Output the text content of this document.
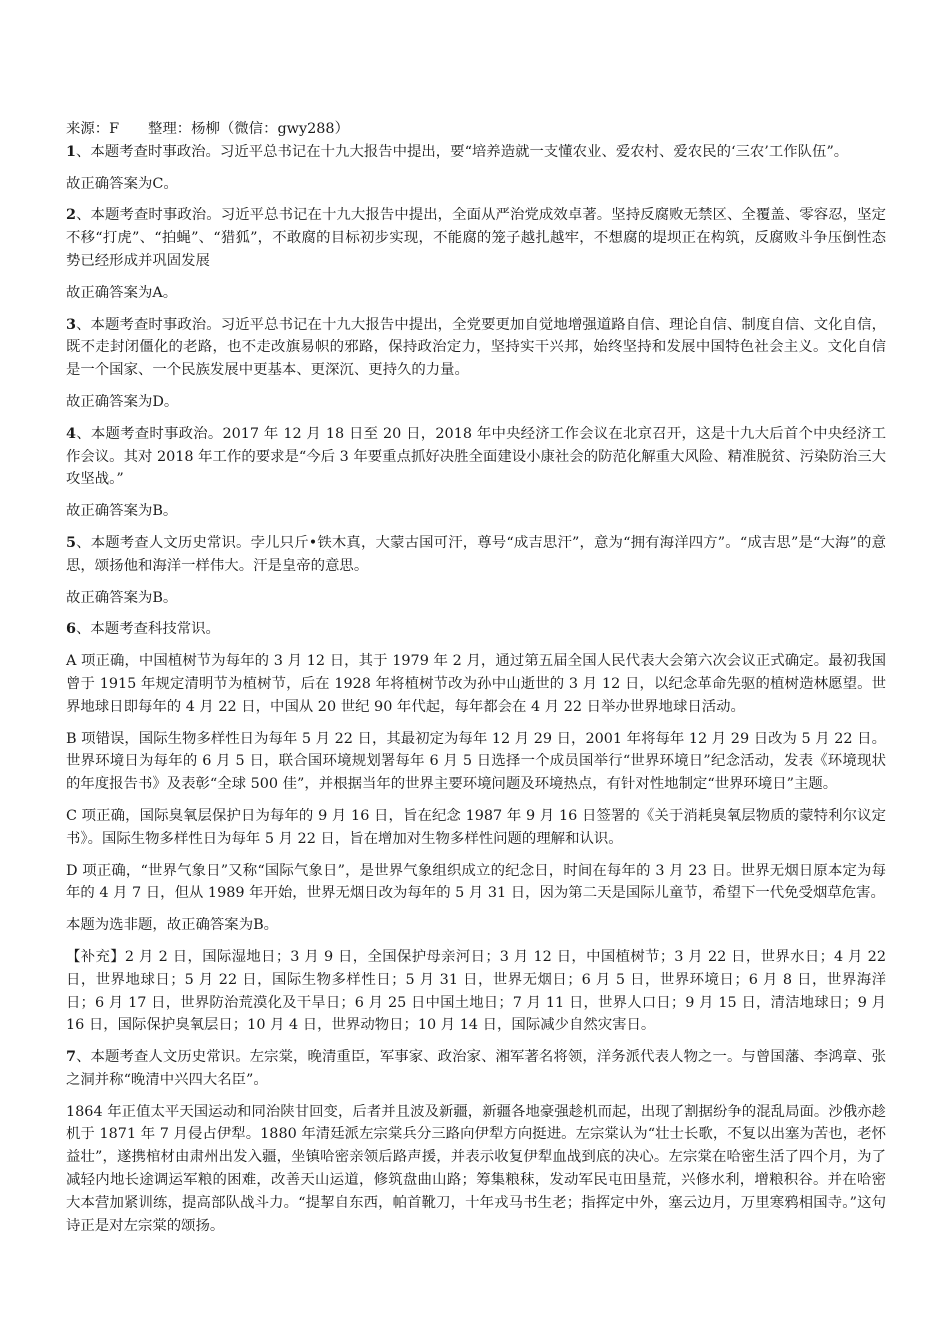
来源：F　　整理：杨柳（微信：gwy288）

1、本题考查时事政治。习近平总书记在十九大报告中提出，要“培养造就一支懂农业、爱农村、爱农民的‘三农’工作队伍”。

故正确答案为C。

2、本题考查时事政治。习近平总书记在十九大报告中提出，全面从严治党成效卓著。坚持反腐败无禁区、全覆盖、零容忍，坚定不移“打虎”、“拍蝇”、“猎狐”，不敢腐的目标初步实现，不能腐的笼子越扎越牢，不想腐的堤坝正在构筑，反腐败斗争压倒性态势已经形成并巩固发展

故正确答案为A。

3、本题考查时事政治。习近平总书记在十九大报告中提出，全党要更加自觉地增强道路自信、理论自信、制度自信、文化自信，既不走封闭僵化的老路，也不走改旗易帜的邪路，保持政治定力，坚持实干兴邦，始终坚持和发展中国特色社会主义。文化自信是一个国家、一个民族发展中更基本、更深沉、更持久的力量。

故正确答案为D。

4、本题考查时事政治。2017 年 12 月 18 日至 20 日，2018 年中央经济工作会议在北京召开，这是十九大后首个中央经济工作会议。其对 2018 年工作的要求是“今后 3 年要重点抓好决胜全面建设小康社会的防范化解重大风险、精准脱贫、污染防治三大攻坚战。”

故正确答案为B。

5、本题考查人文历史常识。孛儿只斤•铁木真，大蒙古国可汗，尊号“成吉思汗”，意为“拥有海洋四方”。“成吉思”是“大海”的意思，颂扬他和海洋一样伟大。汗是皇帝的意思。

故正确答案为B。

6、本题考查科技常识。

A 项正确，中国植树节为每年的 3 月 12 日，其于 1979 年 2 月，通过第五届全国人民代表大会第六次会议正式确定。最初我国曾于 1915 年规定清明节为植树节，后在 1928 年将植树节改为孙中山逝世的 3 月 12 日，以纪念革命先驱的植树造林愿望。世界地球日即每年的 4 月 22 日，中国从 20 世纪 90 年代起，每年都会在 4 月 22 日举办世界地球日活动。

B 项错误，国际生物多样性日为每年 5 月 22 日，其最初定为每年 12 月 29 日，2001 年将每年 12 月 29 日改为 5 月 22 日。世界环境日为每年的 6 月 5 日，联合国环境规划署每年 6 月 5 日选择一个成员国举行“世界环境日”纪念活动，发表《环境现状的年度报告书》及表彰“全球 500 佳”，并根据当年的世界主要环境问题及环境热点，有针对性地制定“世界环境日”主题。

C 项正确，国际臭氧层保护日为每年的 9 月 16 日，旨在纪念 1987 年 9 月 16 日签署的《关于消耗臭氧层物质的蒙特利尔议定书》。国际生物多样性日为每年 5 月 22 日，旨在增加对生物多样性问题的理解和认识。

D 项正确，“世界气象日”又称“国际气象日”，是世界气象组织成立的纪念日，时间在每年的 3 月 23 日。世界无烟日原本定为每年的 4 月 7 日，但从 1989 年开始，世界无烟日改为每年的 5 月 31 日，因为第二天是国际儿童节，希望下一代免受烟草危害。

本题为选非题，故正确答案为B。

【补充】2 月 2 日，国际湿地日；3 月 9 日，全国保护母亲河日；3 月 12 日，中国植树节；3 月 22 日，世界水日；4 月 22 日，世界地球日；5 月 22 日，国际生物多样性日；5 月 31 日，世界无烟日；6 月 5 日，世界环境日；6 月 8 日，世界海洋日；6 月 17 日，世界防治荒漠化及干旱日；6 月 25 日中国土地日；7 月 11 日，世界人口日；9 月 15 日，清洁地球日；9 月 16 日，国际保护臭氧层日；10 月 4 日，世界动物日；10 月 14 日，国际减少自然灾害日。

7、本题考查人文历史常识。左宗棠，晚清重臣，军事家、政治家、湘军著名将领，洋务派代表人物之一。与曾国藩、李鸿章、张之洞并称“晚清中兴四大名臣”。

1864 年正值太平天国运动和同治陕甘回变，后者并且波及新疆，新疆各地豪强趁机而起，出现了割据纷争的混乱局面。沙俄亦趁机于 1871 年 7 月侵占伊犁。1880 年清廷派左宗棠兵分三路向伊犁方向挺进。左宗棠认为“壮士长歌，不复以出塞为苦也，老怀益壮”，遂携棺材由肃州出发入疆，坐镇哈密亲领后路声援，并表示收复伊犁血战到底的决心。左宗棠在哈密生活了四个月，为了减轻内地长途调运军粮的困难，改善天山运道，修筑盘曲山路；筹集粮秣，发动军民屯田垦荒，兴修水利，增粮积谷。并在哈密大本营加紧训练，提高部队战斗力。“提挈自东西，帕首靴刀，十年戎马书生老；指挥定中外，塞云边月，万里寒鸦相国寺。”这句诗正是对左宗棠的颂扬。
